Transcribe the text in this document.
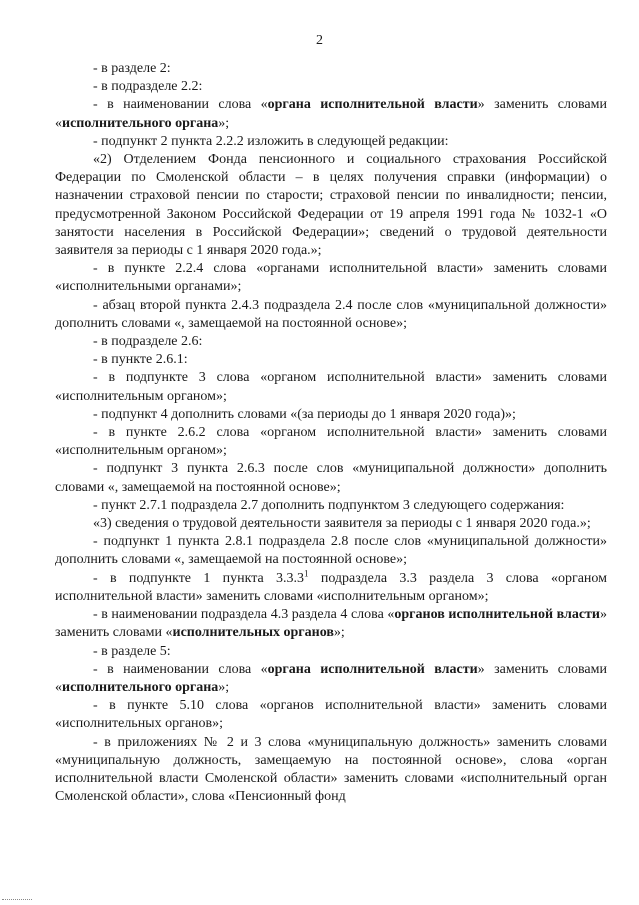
2

- в разделе 2:

- в подразделе 2.2:

- в наименовании слова «органа исполнительной власти» заменить словами «исполнительного органа»;

- подпункт 2 пункта 2.2.2 изложить в следующей редакции:

«2) Отделением Фонда пенсионного и социального страхования Российской Федерации по Смоленской области – в целях получения справки (информации) о назначении страховой пенсии по старости; страховой пенсии по инвалидности; пенсии, предусмотренной Законом Российской Федерации от 19 апреля 1991 года № 1032-1 «О занятости населения в Российской Федерации»; сведений о трудовой деятельности заявителя за периоды с 1 января 2020 года.»;

- в пункте 2.2.4 слова «органами исполнительной власти» заменить словами «исполнительными органами»;

- абзац второй пункта 2.4.3 подраздела 2.4 после слов «муниципальной должности» дополнить словами «, замещаемой на постоянной основе»;

- в подразделе 2.6:

- в пункте 2.6.1:

- в подпункте 3 слова «органом исполнительной власти» заменить словами «исполнительным органом»;

- подпункт 4 дополнить словами «(за периоды до 1 января 2020 года)»;

- в пункте 2.6.2 слова «органом исполнительной власти» заменить словами «исполнительным органом»;

- подпункт 3 пункта 2.6.3 после слов «муниципальной должности» дополнить словами «, замещаемой на постоянной основе»;

- пункт 2.7.1 подраздела 2.7 дополнить подпунктом 3 следующего содержания:

«3) сведения о трудовой деятельности заявителя за периоды с 1 января 2020 года.»;

- подпункт 1 пункта 2.8.1 подраздела 2.8 после слов «муниципальной должности» дополнить словами «, замещаемой на постоянной основе»;

- в подпункте 1 пункта 3.3.3$^1$ подраздела 3.3 раздела 3 слова «органом исполнительной власти» заменить словами «исполнительным органом»;

- в наименовании подраздела 4.3 раздела 4 слова «органов исполнительной власти» заменить словами «исполнительных органов»;

- в разделе 5:

- в наименовании слова «органа исполнительной власти» заменить словами «исполнительного органа»;

- в пункте 5.10 слова «органов исполнительной власти» заменить словами «исполнительных органов»;

- в приложениях № 2 и 3 слова «муниципальную должность» заменить словами «муниципальную должность, замещаемую на постоянной основе», слова «орган исполнительной власти Смоленской области» заменить словами «исполнительный орган Смоленской области», слова «Пенсионный фонд
